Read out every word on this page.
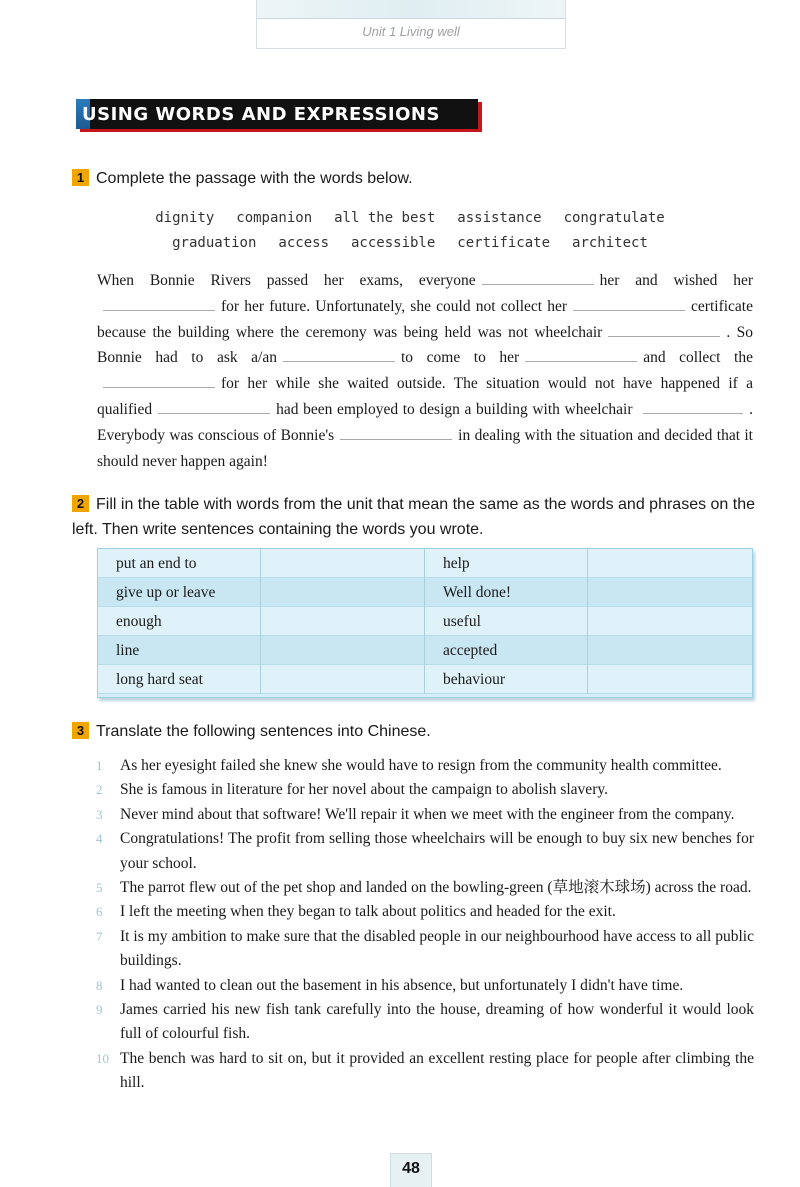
Unit 1 Living well
USING WORDS AND EXPRESSIONS
1 Complete the passage with the words below.
dignity companion all the best assistance congratulate
graduation access accessible certificate architect
When Bonnie Rivers passed her exams, everyone	her and wished her for her future. Unfortunately, she could not collect her	certificate because the building where the ceremony was being held was not wheelchair	. So Bonnie had to ask a/an	to come to her	and collect the for her while she waited outside. The situation would not have happened if a qualified	had been employed to design a building with wheelchair	. Everybody was conscious of Bonnie's	in dealing with the situation and decided that it should never happen again!
2 Fill in the table with words from the unit that mean the same as the words and phrases on the left. Then write sentences containing the words you wrote.
put an end to	help
give up or leave	Well done!
enough	useful
line	accepted
long hard seat	behaviour
3 Translate the following sentences into Chinese.
1	As her eyesight failed she knew she would have to resign from the community health committee.
2	She is famous in literature for her novel about the campaign to abolish slavery.
3	Never mind about that software! We'll repair it when we meet with the engineer from the company.
4	Congratulations! The profit from selling those wheelchairs will be enough to buy six new benches for your school.
5	The parrot flew out of the pet shop and landed on the bowling-green (草地滚木球场) across the road.
6	I left the meeting when they began to talk about politics and headed for the exit.
7	It is my ambition to make sure that the disabled people in our neighbourhood have access to all public buildings.
8	I had wanted to clean out the basement in his absence, but unfortunately I didn't have time.
9	James carried his new fish tank carefully into the house, dreaming of how wonderful it would look full of colourful fish.
10 The bench was hard to sit on, but it provided an excellent resting place for people after climbing the hill.
48
